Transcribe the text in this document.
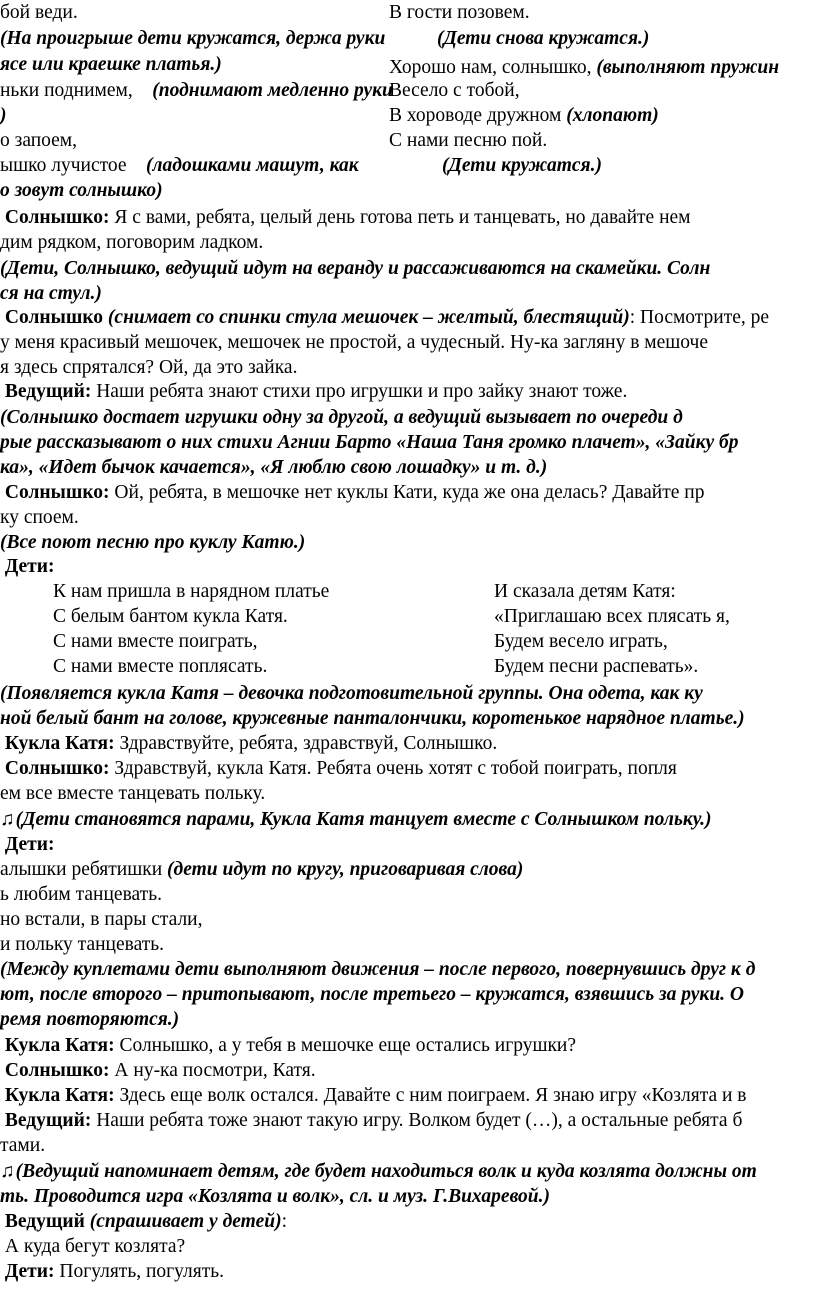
бой веди.

(На проигрыше дети кружатся, держа руки

ясе или краешке платья.)

ньки поднимем, (поднимают медленно руки

)

о запоем,

ышко лучистое (ладошками машут, как

о зовут солнышко)

В гости позовем.

(Дети снова кружатся.)

Хорошо нам, солнышко, (выполняют пружин

Весело с тобой,

В хороводе дружном (хлопают)

С нами песню пой.

(Дети кружатся.)

Солнышко: Я с вами, ребята, целый день готова петь и танцевать, но давайте нем

дим рядком, поговорим ладком.

(Дети, Солнышко, ведущий идут на веранду и рассаживаются на скамейки. Солн

ся на стул.)

Солнышко (снимает со спинки стула мешочек – желтый, блестящий): Посмотрите, ре

у меня красивый мешочек, мешочек не простой, а чудесный. Ну-ка загляну в мешоче

я здесь спрятался? Ой, да это зайка.

Ведущий: Наши ребята знают стихи про игрушки и про зайку знают тоже.

(Солнышко достает игрушки одну за другой, а ведущий вызывает по очереди д

рые рассказывают о них стихи Агнии Барто «Наша Таня громко плачет», «Зайку бр

ка», «Идет бычок качается», «Я люблю свою лошадку» и т. д.)

Солнышко: Ой, ребята, в мешочке нет куклы Кати, куда же она делась? Давайте пр

ку споем.

(Все поют песню про куклу Катю.)

Дети:

К нам пришла в нарядном платье

С белым бантом кукла Катя.

С нами вместе поиграть,

С нами вместе поплясать.

И сказала детям Катя:

«Приглашаю всех плясать я,

Будем весело играть,

Будем песни распевать».

(Появляется кукла Катя – девочка подготовительной группы. Она одета, как ку

ной белый бант на голове, кружевные панталончики, коротенькое нарядное платье.)

Кукла Катя: Здравствуйте, ребята, здравствуй, Солнышко.

Солнышко: Здравствуй, кукла Катя. Ребята очень хотят с тобой поиграть, попля

ем все вместе танцевать польку.

♫(Дети становятся парами, Кукла Катя танцует вместе с Солнышком польку.)

Дети:

алышки ребятишки (дети идут по кругу, приговаривая слова)

ь любим танцевать.

но встали, в пары стали,

и польку танцевать.

(Между куплетами дети выполняют движения – после первого, повернувшись друг к д

ют, после второго – притопывают, после третьего – кружатся, взявшись за руки. О

ремя повторяются.)

Кукла Катя: Солнышко, а у тебя в мешочке еще остались игрушки?

Солнышко: А ну-ка посмотри, Катя.

Кукла Катя: Здесь еще волк остался. Давайте с ним поиграем. Я знаю игру «Козлята и в

Ведущий: Наши ребята тоже знают такую игру. Волком будет (…), а остальные ребята б

тами.

♫(Ведущий напоминает детям, где будет находиться волк и куда козлята должны от

ть. Проводится игра «Козлята и волк», сл. и муз. Г.Вихаревой.)

Ведущий (спрашивает у детей):

А куда бегут козлята?

Дети: Погулять, погулять.
